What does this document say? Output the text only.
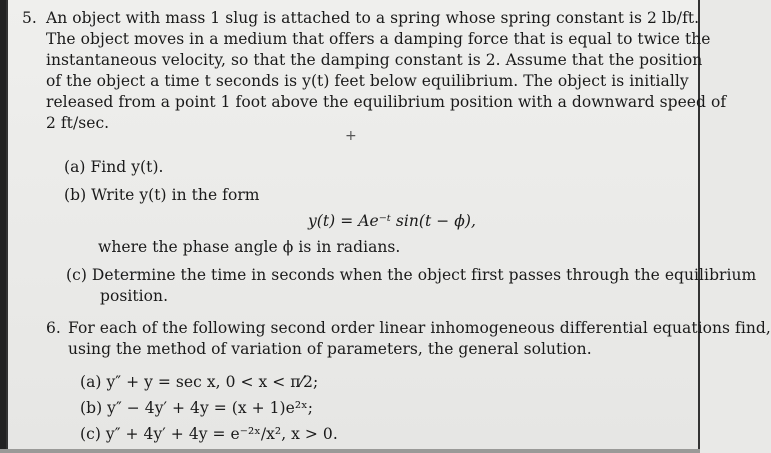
5. An object with mass 1 slug is attached to a spring whose spring constant is 2 lb/ft.
The object moves in a medium that offers a damping force that is equal to twice the
instantaneous velocity, so that the damping constant is 2. Assume that the position
of the object a time t seconds is y(t) feet below equilibrium. The object is initially
released from a point 1 foot above the equilibrium position with a downward speed of
2 ft/sec.
+
(a) Find y(t).
(b) Write y(t) in the form
y(t) = Ae⁻ᵗ sin(t − ϕ),
where the phase angle ϕ is in radians.
(c) Determine the time in seconds when the object first passes through the equilibrium
position.
6. For each of the following second order linear inhomogeneous differential equations find,
using the method of variation of parameters, the general solution.
(a) y″ + y = sec x, 0 < x < π⁄2;
(b) y″ − 4y′ + 4y = (x + 1)e²ˣ;
(c) y″ + 4y′ + 4y = e⁻²ˣ/x², x > 0.
